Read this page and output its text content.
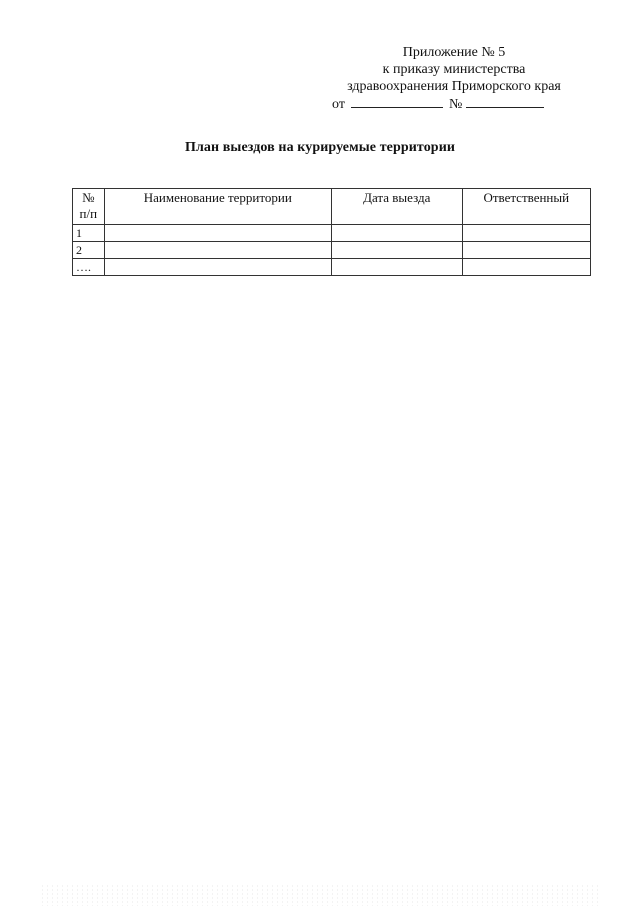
Приложение № 5
к приказу министерства
здравоохранения Приморского края
от	№
План выездов на курируемые территории
№ п/п	Наименование территории	Дата выезда	Ответственный
1			
2			
….			
